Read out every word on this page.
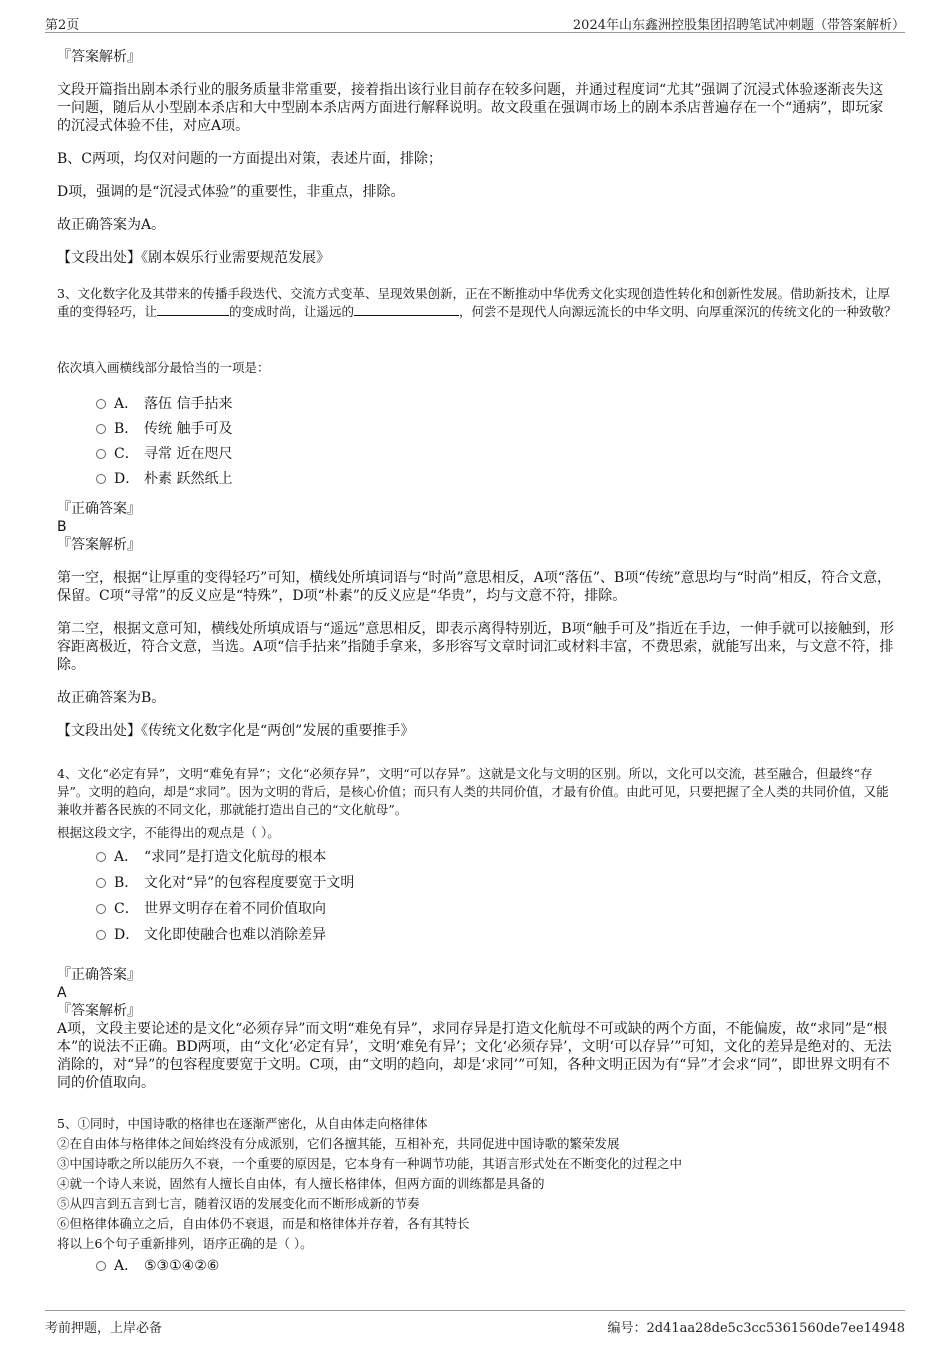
第2页	2024年山东鑫洲控股集团招聘笔试冲刺题（带答案解析）
『答案解析』
文段开篇指出剧本杀行业的服务质量非常重要，接着指出该行业目前存在较多问题，并通过程度词“尤其”强调了沉浸式体验逐渐丧失这一问题，随后从小型剧本杀店和大中型剧本杀店两方面进行解释说明。故文段重在强调市场上的剧本杀店普遍存在一个“通病”，即玩家的沉浸式体验不佳，对应A项。
B、C两项，均仅对问题的一方面提出对策，表述片面，排除；
D项，强调的是“沉浸式体验”的重要性，非重点，排除。
故正确答案为A。
【文段出处】《剧本娱乐行业需要规范发展》
3、文化数字化及其带来的传播手段迭代、交流方式变革、呈现效果创新，正在不断推动中华优秀文化实现创造性转化和创新性发展。借助新技术，让厚重的变得轻巧，让	的变成时尚，让遥远的	，何尝不是现代人向源远流长的中华文明、向厚重深沉的传统文化的一种致敬？
依次填入画横线部分最恰当的一项是：
A． 落伍 信手拈来
B． 传统 触手可及
C． 寻常 近在咫尺
D． 朴素 跃然纸上
『正确答案』
B
『答案解析』
第一空，根据“让厚重的变得轻巧”可知，横线处所填词语与“时尚”意思相反，A项“落伍”、B项“传统”意思均与“时尚”相反，符合文意，保留。C项“寻常”的反义应是“特殊”，D项“朴素”的反义应是“华贵”，均与文意不符，排除。
第二空，根据文意可知，横线处所填成语与“遥远”意思相反，即表示离得特别近，B项“触手可及”指近在手边，一伸手就可以接触到，形容距离极近，符合文意，当选。A项“信手拈来”指随手拿来，多形容写文章时词汇或材料丰富，不费思索，就能写出来，与文意不符，排除。
故正确答案为B。
【文段出处】《传统文化数字化是“两创”发展的重要推手》
4、文化“必定有异”，文明“难免有异”；文化“必须存异”，文明“可以存异”。这就是文化与文明的区别。所以，文化可以交流，甚至融合，但最终“存异”。文明的趋向，却是“求同”。因为文明的背后，是核心价值；而只有人类的共同价值，才最有价值。由此可见，只要把握了全人类的共同价值，又能兼收并蓄各民族的不同文化，那就能打造出自己的“文化航母”。
根据这段文字，不能得出的观点是（ ）。
A． “求同”是打造文化航母的根本
B． 文化对“异”的包容程度要宽于文明
C． 世界文明存在着不同价值取向
D． 文化即使融合也难以消除差异
『正确答案』
A
『答案解析』
A项，文段主要论述的是文化“必须存异”而文明“难免有异”，求同存异是打造文化航母不可或缺的两个方面，不能偏废，故“求同”是“根本”的说法不正确。BD两项，由“文化‘必定有异’，文明‘难免有异’；文化‘必须存异’，文明‘可以存异’”可知，文化的差异是绝对的、无法消除的，对“异”的包容程度要宽于文明。C项，由“文明的趋向，却是‘求同’”可知，各种文明正因为有“异”才会求“同”，即世界文明有不同的价值取向。
5、①同时，中国诗歌的格律也在逐渐严密化，从自由体走向格律体
②在自由体与格律体之间始终没有分成派别，它们各擅其能，互相补充，共同促进中国诗歌的繁荣发展
③中国诗歌之所以能历久不衰，一个重要的原因是，它本身有一种调节功能，其语言形式处在不断变化的过程之中
④就一个诗人来说，固然有人擅长自由体，有人擅长格律体，但两方面的训练都是具备的
⑤从四言到五言到七言，随着汉语的发展变化而不断形成新的节奏
⑥但格律体确立之后，自由体仍不衰退，而是和格律体并存着，各有其特长
将以上6个句子重新排列，语序正确的是（ ）。
A． ⑤③①④②⑥
考前押题，上岸必备	编号：2d41aa28de5c3cc5361560de7ee14948
